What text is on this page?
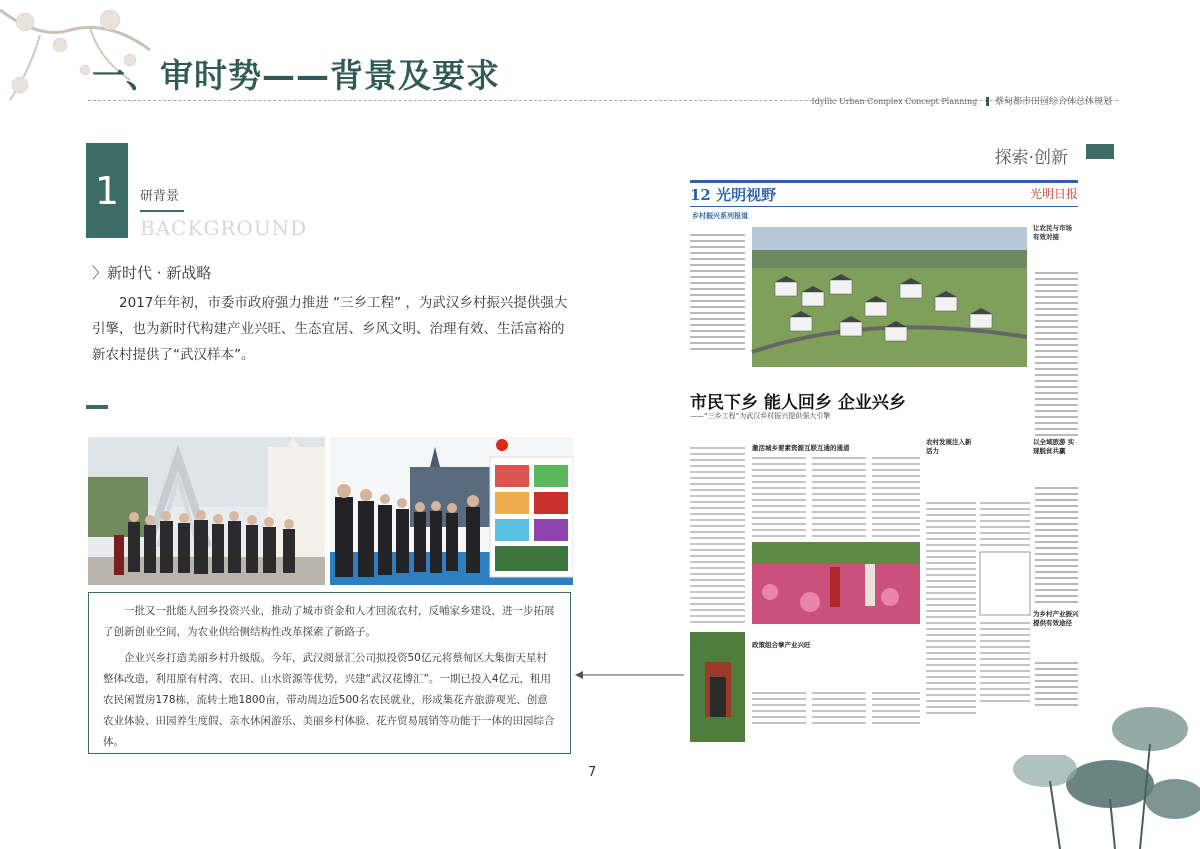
一、审时势——背景及要求
Idyllic Urban Complex Concept Planning 蔡甸都市田园综合体总体规划
探索·创新
1	研背景
BACKGROUND
〉新时代 · 新战略
2017年年初，市委市政府强力推进 “三乡工程” ，为武汉乡村振兴提供强大引擎，也为新时代构建产业兴旺、生态宜居、乡风文明、治理有效、生活富裕的新农村提供了“武汉样本”。

一批又一批能人回乡投资兴业，推动了城市资金和人才回流农村，反哺家乡建设，进一步拓展了创新创业空间，为农业供给侧结构性改革探索了新路子。

企业兴乡打造美丽乡村升级版。今年，武汉阅景汇公司拟投资50亿元将蔡甸区大集街天星村整体改造，利用原有村湾、农田、山水资源等优势，兴建“武汉花博汇”。一期已投入4亿元，租用农民闲置房178栋，流转土地1800亩，带动周边近500名农民就业，形成集花卉旅游观光、创意农业体验、田园养生度假、亲水休闲游乐、美丽乡村体验、花卉贸易展销等功能于一体的田园综合体。

7
12 光明视野	光明日报
乡村振兴系列报道
市民下乡 能人回乡 企业兴乡
——“三乡工程”为武汉乡村振兴提供强大引擎
激活城乡要素资源互联互通的通道
农村发展注入新活力
政策组合拳产业兴旺
让农民与市场 有效对接
以全域旅游 实现脱贫共赢
为乡村产业振兴 提供有效途径
